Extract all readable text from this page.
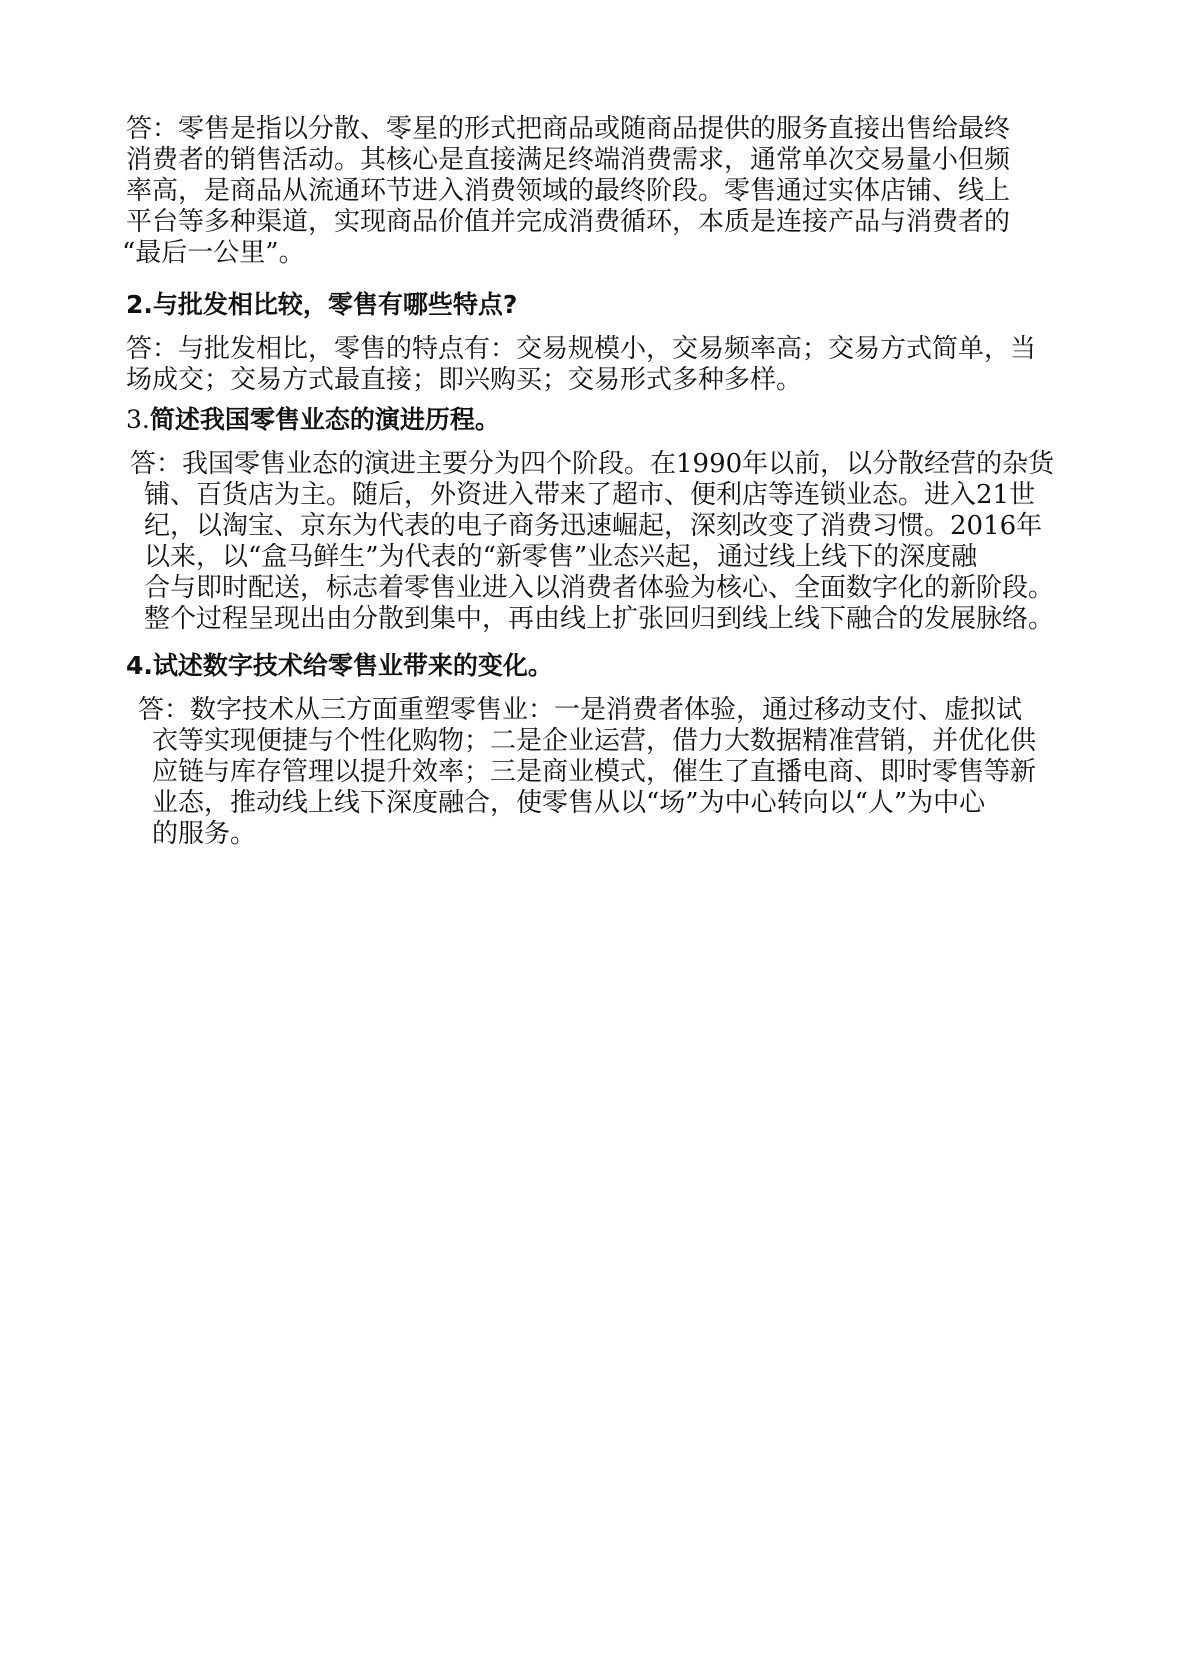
答：零售是指以分散、零星的形式把商品或随商品提供的服务直接出售给最终
消费者的销售活动。其核心是直接满足终端消费需求，通常单次交易量小但频
率高，是商品从流通环节进入消费领域的最终阶段。零售通过实体店铺、线上
平台等多种渠道，实现商品价值并完成消费循环，本质是连接产品与消费者的
“最后一公里”。
2.与批发相比较，零售有哪些特点?
答：与批发相比，零售的特点有：交易规模小，交易频率高；交易方式简单，当
场成交；交易方式最直接；即兴购买；交易形式多种多样。
3.简述我国零售业态的演进历程。
答：我国零售业态的演进主要分为四个阶段。在1990年以前，以分散经营的杂货
铺、百货店为主。随后，外资进入带来了超市、便利店等连锁业态。进入21世
纪，以淘宝、京东为代表的电子商务迅速崛起，深刻改变了消费习惯。2016年
以来，以“盒马鲜生”为代表的“新零售”业态兴起，通过线上线下的深度融
合与即时配送，标志着零售业进入以消费者体验为核心、全面数字化的新阶段。
整个过程呈现出由分散到集中，再由线上扩张回归到线上线下融合的发展脉络。
4.试述数字技术给零售业带来的变化。
答：数字技术从三方面重塑零售业：一是消费者体验，通过移动支付、虚拟试
衣等实现便捷与个性化购物；二是企业运营，借力大数据精准营销，并优化供
应链与库存管理以提升效率；三是商业模式，催生了直播电商、即时零售等新
业态，推动线上线下深度融合，使零售从以“场”为中心转向以“人”为中心
的服务。
